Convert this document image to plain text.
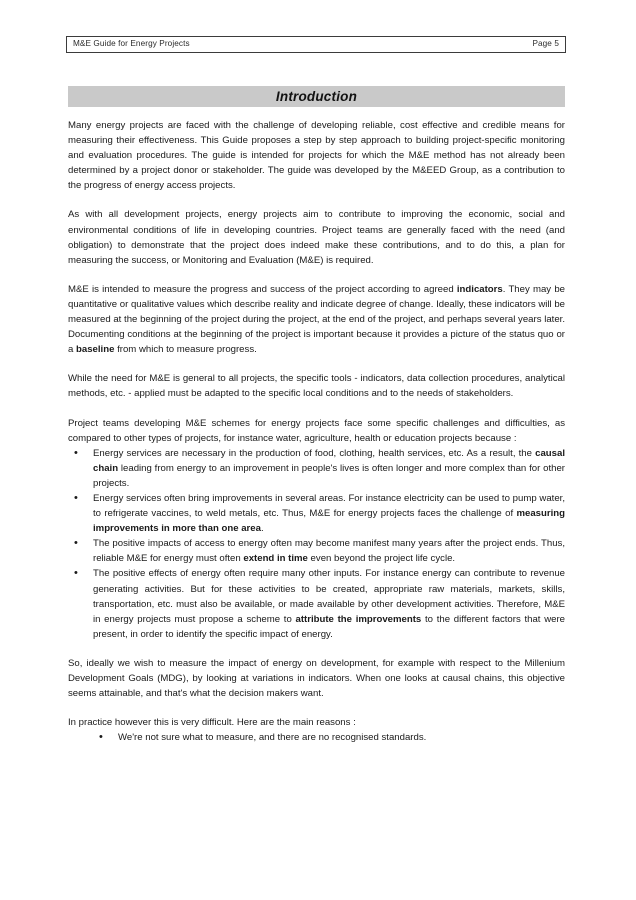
M&E Guide for Energy Projects	Page 5
Introduction

Many energy projects are faced with the challenge of developing reliable, cost effective and credible means for measuring their effectiveness. This Guide proposes a step by step approach to building project-specific monitoring and evaluation procedures. The guide is intended for projects for which the M&E method has not already been determined by a project donor or stakeholder. The guide was developed by the M&EED Group, as a contribution to the progress of energy access projects.

As with all development projects, energy projects aim to contribute to improving the economic, social and environmental conditions of life in developing countries. Project teams are generally faced with the need (and obligation) to demonstrate that the project does indeed make these contributions, and to do this, a plan for measuring the success, or Monitoring and Evaluation (M&E) is required.

M&E is intended to measure the progress and success of the project according to agreed indicators. They may be quantitative or qualitative values which describe reality and indicate degree of change. Ideally, these indicators will be measured at the beginning of the project during the project, at the end of the project, and perhaps several years later. Documenting conditions at the beginning of the project is important because it provides a picture of the status quo or a baseline from which to measure progress.

While the need for M&E is general to all projects, the specific tools - indicators, data collection procedures, analytical methods, etc. - applied must be adapted to the specific local conditions and to the needs of stakeholders.

Project teams developing M&E schemes for energy projects face some specific challenges and difficulties, as compared to other types of projects, for instance water, agriculture, health or education projects because :

• Energy services are necessary in the production of food, clothing, health services, etc. As a result, the causal chain leading from energy to an improvement in people's lives is often longer and more complex than for other projects.
• Energy services often bring improvements in several areas. For instance electricity can be used to pump water, to refrigerate vaccines, to weld metals, etc. Thus, M&E for energy projects faces the challenge of measuring improvements in more than one area.
• The positive impacts of access to energy often may become manifest many years after the project ends. Thus, reliable M&E for energy must often extend in time even beyond the project life cycle.
• The positive effects of energy often require many other inputs. For instance energy can contribute to revenue generating activities. But for these activities to be created, appropriate raw materials, markets, skills, transportation, etc. must also be available, or made available by other development activities. Therefore, M&E in energy projects must propose a scheme to attribute the improvements to the different factors that were present, in order to identify the specific impact of energy.

So, ideally we wish to measure the impact of energy on development, for example with respect to the Millenium Development Goals (MDG), by looking at variations in indicators. When one looks at causal chains, this objective seems attainable, and that's what the decision makers want.

In practice however this is very difficult. Here are the main reasons :

• We're not sure what to measure, and there are no recognised standards.
